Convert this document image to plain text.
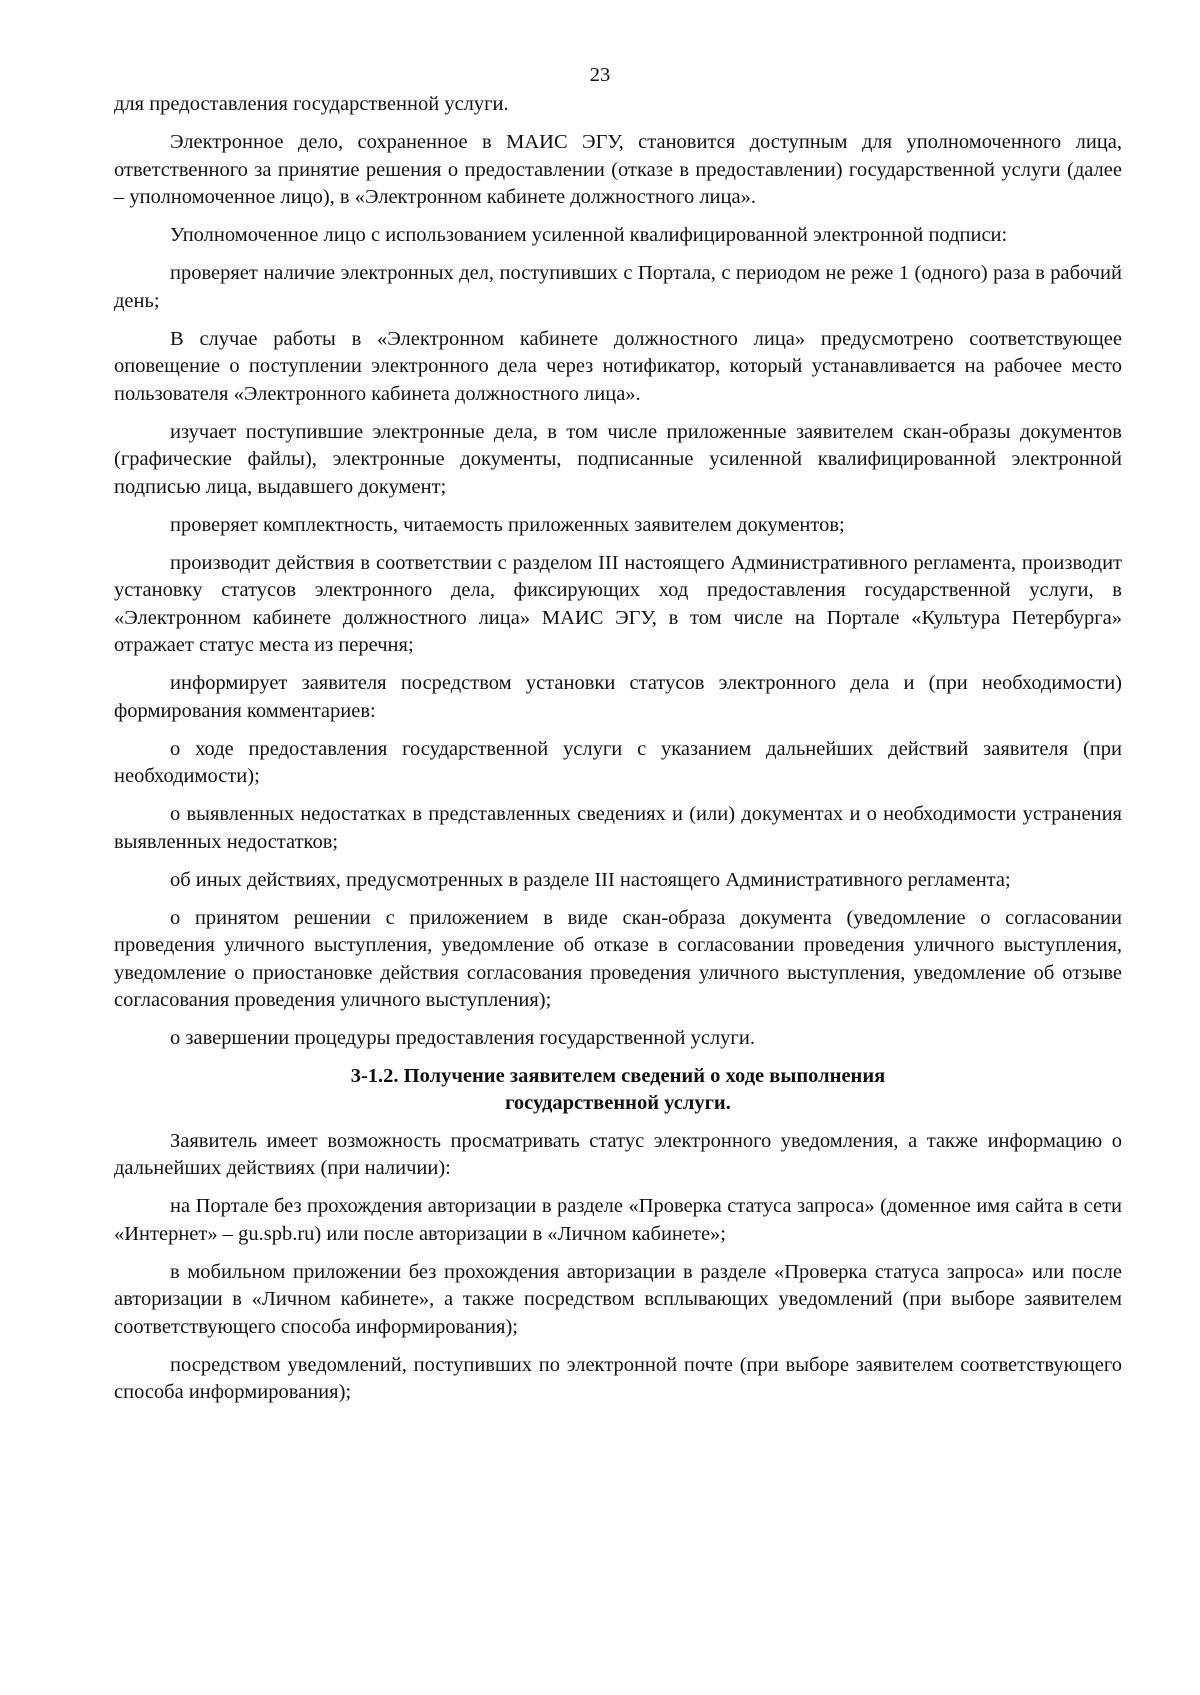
23

для предоставления государственной услуги.

Электронное дело, сохраненное в МАИС ЭГУ, становится доступным для уполномоченного лица, ответственного за принятие решения о предоставлении (отказе в предоставлении) государственной услуги (далее – уполномоченное лицо), в «Электронном кабинете должностного лица».

Уполномоченное лицо с использованием усиленной квалифицированной электронной подписи:

проверяет наличие электронных дел, поступивших с Портала, с периодом не реже 1 (одного) раза в рабочий день;

В случае работы в «Электронном кабинете должностного лица» предусмотрено соответствующее оповещение о поступлении электронного дела через нотификатор, который устанавливается на рабочее место пользователя «Электронного кабинета должностного лица».

изучает поступившие электронные дела, в том числе приложенные заявителем скан-образы документов (графические файлы), электронные документы, подписанные усиленной квалифицированной электронной подписью лица, выдавшего документ;

проверяет комплектность, читаемость приложенных заявителем документов;

производит действия в соответствии с разделом III настоящего Административного регламента, производит установку статусов электронного дела, фиксирующих ход предоставления государственной услуги, в «Электронном кабинете должностного лица» МАИС ЭГУ, в том числе на Портале «Культура Петербурга» отражает статус места из перечня;

информирует заявителя посредством установки статусов электронного дела и (при необходимости) формирования комментариев:

о ходе предоставления государственной услуги с указанием дальнейших действий заявителя (при необходимости);

о выявленных недостатках в представленных сведениях и (или) документах и о необходимости устранения выявленных недостатков;

об иных действиях, предусмотренных в разделе III настоящего Административного регламента;

о принятом решении с приложением в виде скан-образа документа (уведомление о согласовании проведения уличного выступления, уведомление об отказе в согласовании проведения уличного выступления, уведомление о приостановке действия согласования проведения уличного выступления, уведомление об отзыве согласования проведения уличного выступления);

о завершении процедуры предоставления государственной услуги.

3-1.2. Получение заявителем сведений о ходе выполнения
государственной услуги.

Заявитель имеет возможность просматривать статус электронного уведомления, а также информацию о дальнейших действиях (при наличии):

на Портале без прохождения авторизации в разделе «Проверка статуса запроса» (доменное имя сайта в сети «Интернет» – gu.spb.ru) или после авторизации в «Личном кабинете»;

в мобильном приложении без прохождения авторизации в разделе «Проверка статуса запроса» или после авторизации в «Личном кабинете», а также посредством всплывающих уведомлений (при выборе заявителем соответствующего способа информирования);

посредством уведомлений, поступивших по электронной почте (при выборе заявителем соответствующего способа информирования);
